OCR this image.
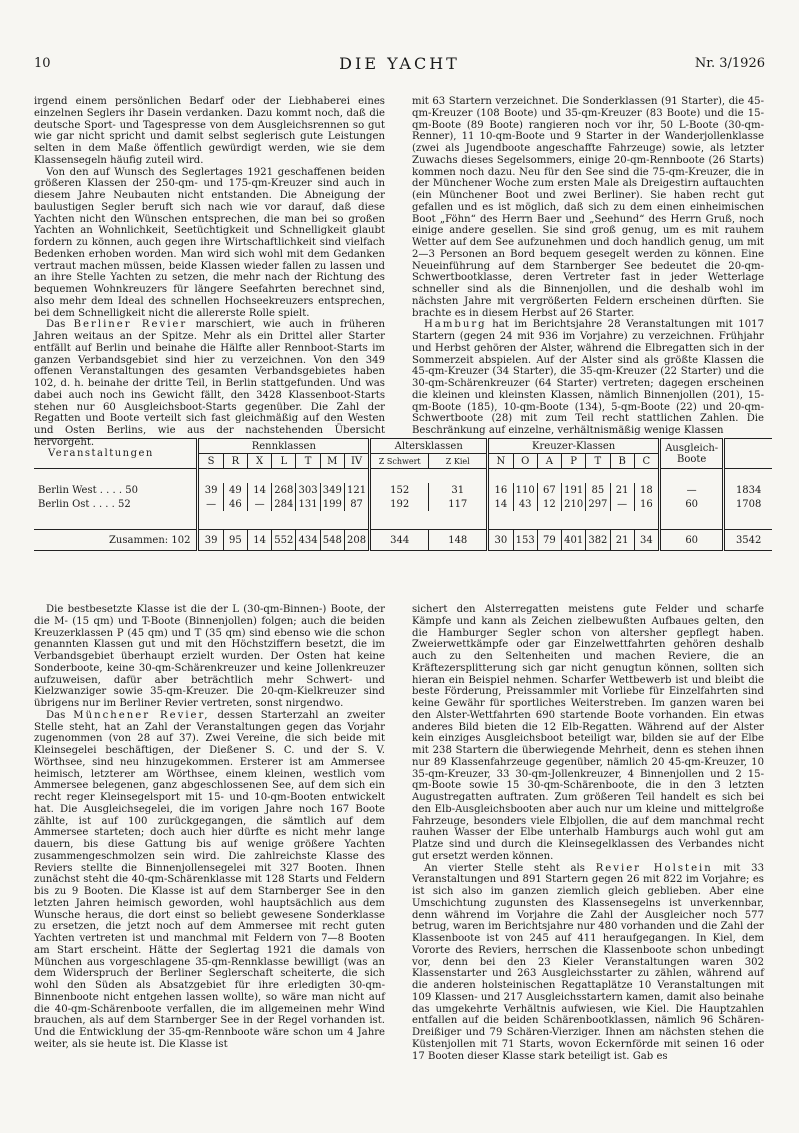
10	DIE YACHT	Nr. 3/1926

irgend einem persönlichen Bedarf oder der Liebhaberei eines einzelnen Seglers ihr Dasein verdanken. Dazu kommt noch, daß die deutsche Sport- und Tagespresse von dem Ausgleichsrennen so gut wie gar nicht spricht und damit selbst seglerisch gute Leistungen selten in dem Maße öffentlich gewürdigt werden, wie sie dem Klassensegeln häufig zuteil wird.

Von den auf Wunsch des Seglertages 1921 geschaffenen beiden größeren Klassen der 250-qm- und 175-qm-Kreuzer sind auch in diesem Jahre Neubauten nicht entstanden. Die Abneigung der baulustigen Segler beruft sich nach wie vor darauf, daß diese Yachten nicht den Wünschen entsprechen, die man bei so großen Yachten an Wohnlichkeit, Seetüchtigkeit und Schnelligkeit glaubt fordern zu können, auch gegen ihre Wirtschaftlichkeit sind vielfach Bedenken erhoben worden. Man wird sich wohl mit dem Gedanken vertraut machen müssen, beide Klassen wieder fallen zu lassen und an ihre Stelle Yachten zu setzen, die mehr nach der Richtung des bequemen Wohnkreuzers für längere Seefahrten berechnet sind, also mehr dem Ideal des schnellen Hochseekreuzers entsprechen, bei dem Schnelligkeit nicht die allererste Rolle spielt.

Das Berliner Revier marschiert, wie auch in früheren Jahren weitaus an der Spitze. Mehr als ein Drittel aller Starter entfällt auf Berlin und beinahe die Hälfte aller Rennboot-Starts im ganzen Verbandsgebiet sind hier zu verzeichnen. Von den 349 offenen Veranstaltungen des gesamten Verbandsgebietes haben 102, d. h. beinahe der dritte Teil, in Berlin stattgefunden. Und was dabei auch noch ins Gewicht fällt, den 3428 Klassenboot-Starts stehen nur 60 Ausgleichsboot-Starts gegenüber. Die Zahl der Regatten und Boote verteilt sich fast gleichmäßig auf den Westen und Osten Berlins, wie aus der nachstehenden Übersicht hervorgeht.

mit 63 Startern verzeichnet. Die Sonderklassen (91 Starter), die 45-qm-Kreuzer (108 Boote) und 35-qm-Kreuzer (83 Boote) und die 15-qm-Boote (89 Boote) rangieren noch vor ihr, 50 L-Boote (30-qm-Renner), 11 10-qm-Boote und 9 Starter in der Wanderjollenklasse (zwei als Jugendboote angeschaffte Fahrzeuge) sowie, als letzter Zuwachs dieses Segelsommers, einige 20-qm-Rennboote (26 Starts) kommen noch dazu. Neu für den See sind die 75-qm-Kreuzer, die in der Münchener Woche zum ersten Male als Dreigestirn auftauchten (ein Münchener Boot und zwei Berliner). Sie haben recht gut gefallen und es ist möglich, daß sich zu dem einen einheimischen Boot „Föhn“ des Herrn Baer und „Seehund“ des Herrn Gruß, noch einige andere gesellen. Sie sind groß genug, um es mit rauhem Wetter auf dem See aufzunehmen und doch handlich genug, um mit 2—3 Personen an Bord bequem gesegelt werden zu können. Eine Neueinführung auf dem Starnberger See bedeutet die 20-qm-Schwertbootklasse, deren Vertreter fast in jeder Wetterlage schneller sind als die Binnenjollen, und die deshalb wohl im nächsten Jahre mit vergrößerten Feldern erscheinen dürften. Sie brachte es in diesem Herbst auf 26 Starter.

Hamburg hat im Berichtsjahre 28 Veranstaltungen mit 1017 Startern (gegen 24 mit 936 im Vorjahre) zu verzeichnen. Frühjahr und Herbst gehören der Alster, während die Elbregatten sich in der Sommerzeit abspielen. Auf der Alster sind als größte Klassen die 45-qm-Kreuzer (34 Starter), die 35-qm-Kreuzer (22 Starter) und die 30-qm-Schärenkreuzer (64 Starter) vertreten; dagegen erscheinen die kleinen und kleinsten Klassen, nämlich Binnenjollen (201), 15-qm-Boote (185), 10-qm-Boote (134), 5-qm-Boote (22) und 20-qm-Schwertboote (28) mit zum Teil recht stattlichen Zahlen. Die Beschränkung auf einzelne, verhältnismäßig wenige Klassen

Veranstaltungen	Rennklassen							Altersklassen		Kreuzer-Klassen							Ausgleich-Boote	
	S	R	X	L	T	M	IV	Z Schwert	Z Kiel	N	O	A	P	T	B	C		

Berlin West . . . . 50	39	49	14	268	303	349	121	152	31	16	110	67	191	85	21	18	—	1834
Berlin Ost . . . . 52	—	46	—	284	131	199	87	192	117	14	43	12	210	297	—	16	60	1708

Zusammen: 102	39	95	14	552	434	548	208	344	148	30	153	79	401	382	21	34	60	3542

Die bestbesetzte Klasse ist die der L (30-qm-Binnen-) Boote, der die M- (15 qm) und T-Boote (Binnenjollen) folgen; auch die beiden Kreuzerklassen P (45 qm) und T (35 qm) sind ebenso wie die schon genannten Klassen gut und mit den Höchstziffern besetzt, die im Verbandsgebiet überhaupt erzielt wurden. Der Osten hat keine Sonderboote, keine 30-qm-Schärenkreuzer und keine Jollenkreuzer aufzuweisen, dafür aber beträchtlich mehr Schwert- und Kielzwanziger sowie 35-qm-Kreuzer. Die 20-qm-Kielkreuzer sind übrigens nur im Berliner Revier vertreten, sonst nirgendwo.

Das Münchener Revier, dessen Starterzahl an zweiter Stelle steht, hat an Zahl der Veranstaltungen gegen das Vorjahr zugenommen (von 28 auf 37). Zwei Vereine, die sich beide mit Kleinsegelei beschäftigen, der Dießener S. C. und der S. V. Wörthsee, sind neu hinzugekommen. Ersterer ist am Ammersee heimisch, letzterer am Wörthsee, einem kleinen, westlich vom Ammersee belegenen, ganz abgeschlossenen See, auf dem sich ein recht reger Kleinsegelsport mit 15- und 10-qm-Booten entwickelt hat. Die Ausgleichsegelei, die im vorigen Jahre noch 167 Boote zählte, ist auf 100 zurückgegangen, die sämtlich auf dem Ammersee starteten; doch auch hier dürfte es nicht mehr lange dauern, bis diese Gattung bis auf wenige größere Yachten zusammengeschmolzen sein wird. Die zahlreichste Klasse des Reviers stellte die Binnenjollensegelei mit 327 Booten. Ihnen zunächst steht die 40-qm-Schärenklasse mit 128 Starts und Feldern bis zu 9 Booten. Die Klasse ist auf dem Starnberger See in den letzten Jahren heimisch geworden, wohl hauptsächlich aus dem Wunsche heraus, die dort einst so beliebt gewesene Sonderklasse zu ersetzen, die jetzt noch auf dem Ammersee mit recht guten Yachten vertreten ist und manchmal mit Feldern von 7—8 Booten am Start erscheint. Hätte der Seglertag 1921 die damals von München aus vorgeschlagene 35-qm-Rennklasse bewilligt (was an dem Widerspruch der Berliner Seglerschaft scheiterte, die sich wohl den Süden als Absatzgebiet für ihre erledigten 30-qm-Binnenboote nicht entgehen lassen wollte), so wäre man nicht auf die 40-qm-Schärenboote verfallen, die im allgemeinen mehr Wind brauchen, als auf dem Starnberger See in der Regel vorhanden ist. Und die Entwicklung der 35-qm-Rennboote wäre schon um 4 Jahre weiter, als sie heute ist. Die Klasse ist

sichert den Alsterregatten meistens gute Felder und scharfe Kämpfe und kann als Zeichen zielbewußten Aufbaues gelten, den die Hamburger Segler schon von altersher gepflegt haben. Zweierwettkämpfe oder gar Einzelwettfahrten gehören deshalb auch zu den Seltenheiten und machen Reviere, die an Kräftezersplitterung sich gar nicht genugtun können, sollten sich hieran ein Beispiel nehmen. Scharfer Wettbewerb ist und bleibt die beste Förderung, Preissammler mit Vorliebe für Einzelfahrten sind keine Gewähr für sportliches Weiterstreben. Im ganzen waren bei den Alster-Wettfahrten 690 startende Boote vorhanden. Ein etwas anderes Bild bieten die 12 Elb-Regatten. Während auf der Alster kein einziges Ausgleichsboot beteiligt war, bilden sie auf der Elbe mit 238 Startern die überwiegende Mehrheit, denn es stehen ihnen nur 89 Klassenfahrzeuge gegenüber, nämlich 20 45-qm-Kreuzer, 10 35-qm-Kreuzer, 33 30-qm-Jollenkreuzer, 4 Binnenjollen und 2 15-qm-Boote sowie 15 30-qm-Schärenboote, die in den 3 letzten Augustregatten auftraten. Zum größeren Teil handelt es sich bei den Elb-Ausgleichsbooten aber auch nur um kleine und mittelgroße Fahrzeuge, besonders viele Elbjollen, die auf dem manchmal recht rauhen Wasser der Elbe unterhalb Hamburgs auch wohl gut am Platze sind und durch die Kleinsegelklassen des Verbandes nicht gut ersetzt werden können.

An vierter Stelle steht als Revier Holstein mit 33 Veranstaltungen und 891 Startern gegen 26 mit 822 im Vorjahre; es ist sich also im ganzen ziemlich gleich geblieben. Aber eine Umschichtung zugunsten des Klassensegelns ist unverkennbar, denn während im Vorjahre die Zahl der Ausgleicher noch 577 betrug, waren im Berichtsjahre nur 480 vorhanden und die Zahl der Klassenboote ist von 245 auf 411 heraufgegangen. In Kiel, dem Vororte des Reviers, herrschen die Klassenboote schon unbedingt vor, denn bei den 23 Kieler Veranstaltungen waren 302 Klassenstarter und 263 Ausgleichsstarter zu zählen, während auf die anderen holsteinischen Regattaplätze 10 Veranstaltungen mit 109 Klassen- und 217 Ausgleichsstartern kamen, damit also beinahe das umgekehrte Verhältnis aufwiesen, wie Kiel. Die Hauptzahlen entfallen auf die beiden Schärenbootklassen, nämlich 96 Schären-Dreißiger und 79 Schären-Vierziger. Ihnen am nächsten stehen die Küstenjollen mit 71 Starts, wovon Eckernförde mit seinen 16 oder 17 Booten dieser Klasse stark beteiligt ist. Gab es
